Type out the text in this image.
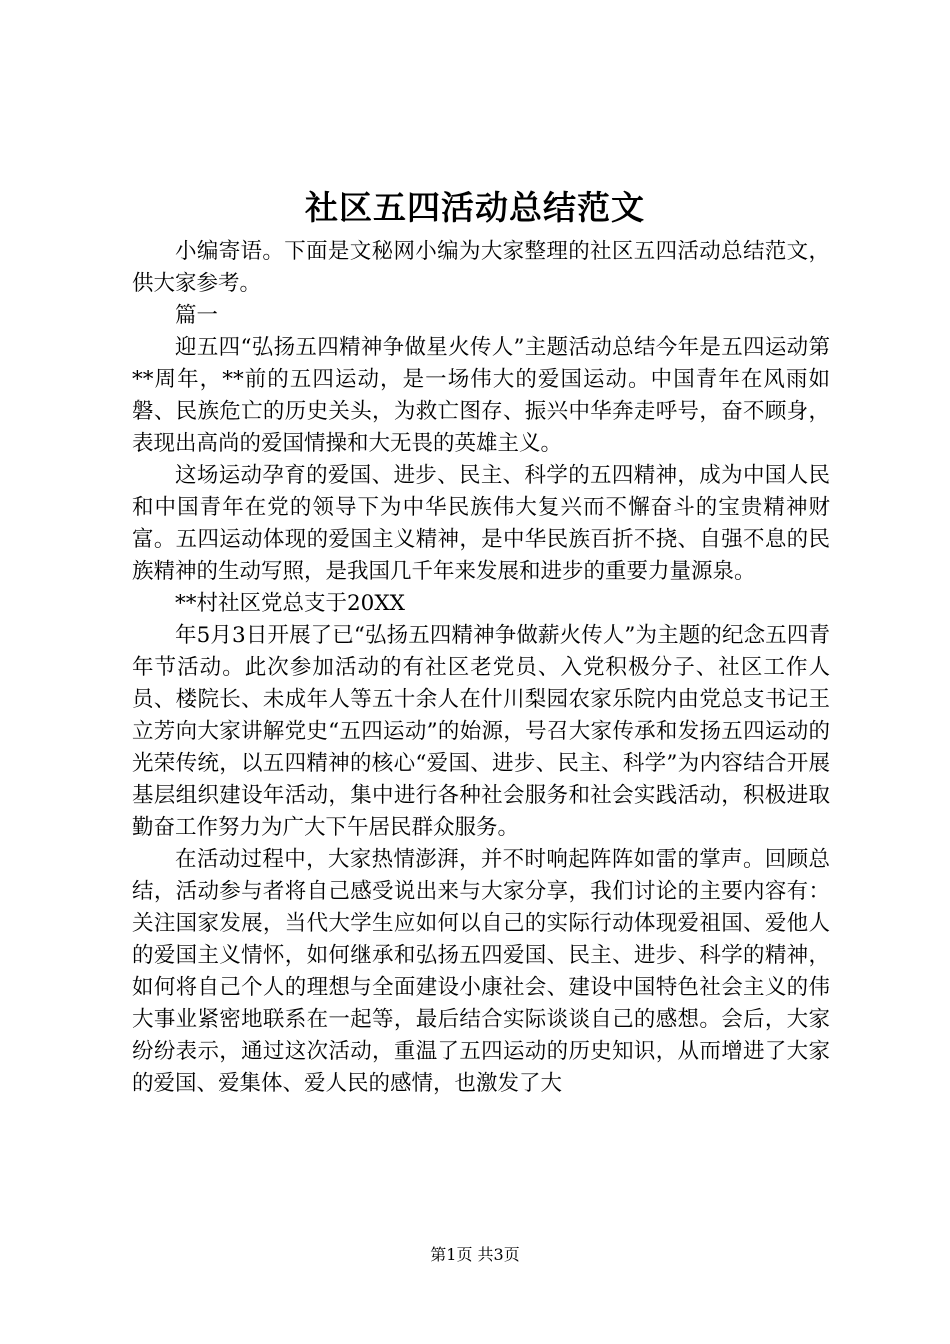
社区五四活动总结范文

小编寄语。下面是文秘网小编为大家整理的社区五四活动总结范文，供大家参考。

篇一

迎五四“弘扬五四精神争做星火传人”主题活动总结今年是五四运动第**周年，**前的五四运动，是一场伟大的爱国运动。中国青年在风雨如磐、民族危亡的历史关头，为救亡图存、振兴中华奔走呼号，奋不顾身，表现出高尚的爱国情操和大无畏的英雄主义。

这场运动孕育的爱国、进步、民主、科学的五四精神，成为中国人民和中国青年在党的领导下为中华民族伟大复兴而不懈奋斗的宝贵精神财富。五四运动体现的爱国主义精神，是中华民族百折不挠、自强不息的民族精神的生动写照，是我国几千年来发展和进步的重要力量源泉。

**村社区党总支于20XX

年5月3日开展了已“弘扬五四精神争做薪火传人”为主题的纪念五四青年节活动。此次参加活动的有社区老党员、入党积极分子、社区工作人员、楼院长、未成年人等五十余人在什川梨园农家乐院内由党总支书记王立芳向大家讲解党史“五四运动”的始源，号召大家传承和发扬五四运动的光荣传统，以五四精神的核心“爱国、进步、民主、科学”为内容结合开展基层组织建设年活动，集中进行各种社会服务和社会实践活动，积极进取勤奋工作努力为广大下午居民群众服务。

在活动过程中，大家热情澎湃，并不时响起阵阵如雷的掌声。回顾总结，活动参与者将自己感受说出来与大家分享，我们讨论的主要内容有：关注国家发展，当代大学生应如何以自己的实际行动体现爱祖国、爱他人的爱国主义情怀，如何继承和弘扬五四爱国、民主、进步、科学的精神，如何将自己个人的理想与全面建设小康社会、建设中国特色社会主义的伟大事业紧密地联系在一起等，最后结合实际谈谈自己的感想。会后，大家纷纷表示，通过这次活动，重温了五四运动的历史知识，从而增进了大家的爱国、爱集体、爱人民的感情，也激发了大

第1页 共3页
